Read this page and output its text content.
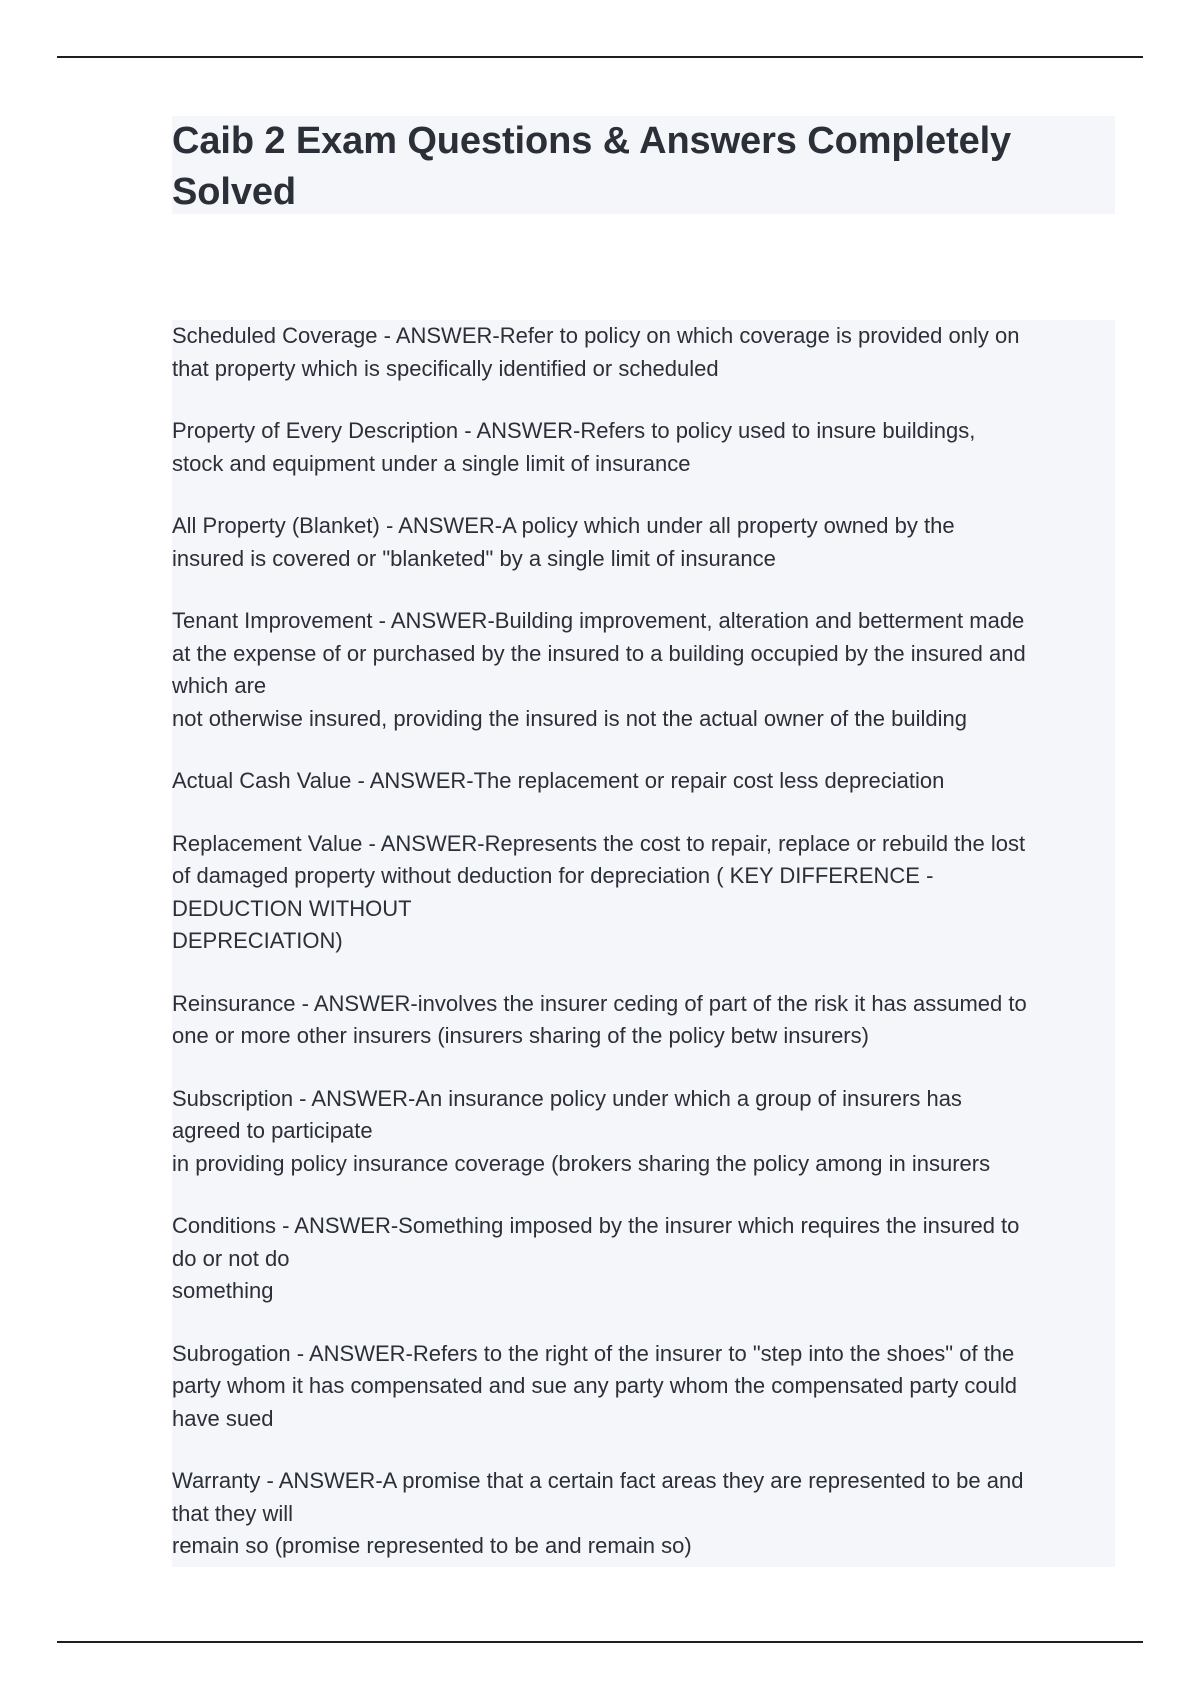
Caib 2 Exam Questions & Answers Completely
Solved

Scheduled Coverage - ANSWER-Refer to policy on which coverage is provided only on
that property which is specifically identified or scheduled

Property of Every Description - ANSWER-Refers to policy used to insure buildings,
stock and equipment under a single limit of insurance

All Property (Blanket) - ANSWER-A policy which under all property owned by the
insured is covered or "blanketed" by a single limit of insurance

Tenant Improvement - ANSWER-Building improvement, alteration and betterment made
at the expense of or purchased by the insured to a building occupied by the insured and
which are
not otherwise insured, providing the insured is not the actual owner of the building

Actual Cash Value - ANSWER-The replacement or repair cost less depreciation

Replacement Value - ANSWER-Represents the cost to repair, replace or rebuild the lost
of damaged property without deduction for depreciation ( KEY DIFFERENCE -
DEDUCTION WITHOUT
DEPRECIATION)

Reinsurance - ANSWER-involves the insurer ceding of part of the risk it has assumed to
one or more other insurers (insurers sharing of the policy betw insurers)

Subscription - ANSWER-An insurance policy under which a group of insurers has
agreed to participate
in providing policy insurance coverage (brokers sharing the policy among in insurers

Conditions - ANSWER-Something imposed by the insurer which requires the insured to
do or not do
something

Subrogation - ANSWER-Refers to the right of the insurer to "step into the shoes" of the
party whom it has compensated and sue any party whom the compensated party could
have sued

Warranty - ANSWER-A promise that a certain fact areas they are represented to be and
that they will
remain so (promise represented to be and remain so)
